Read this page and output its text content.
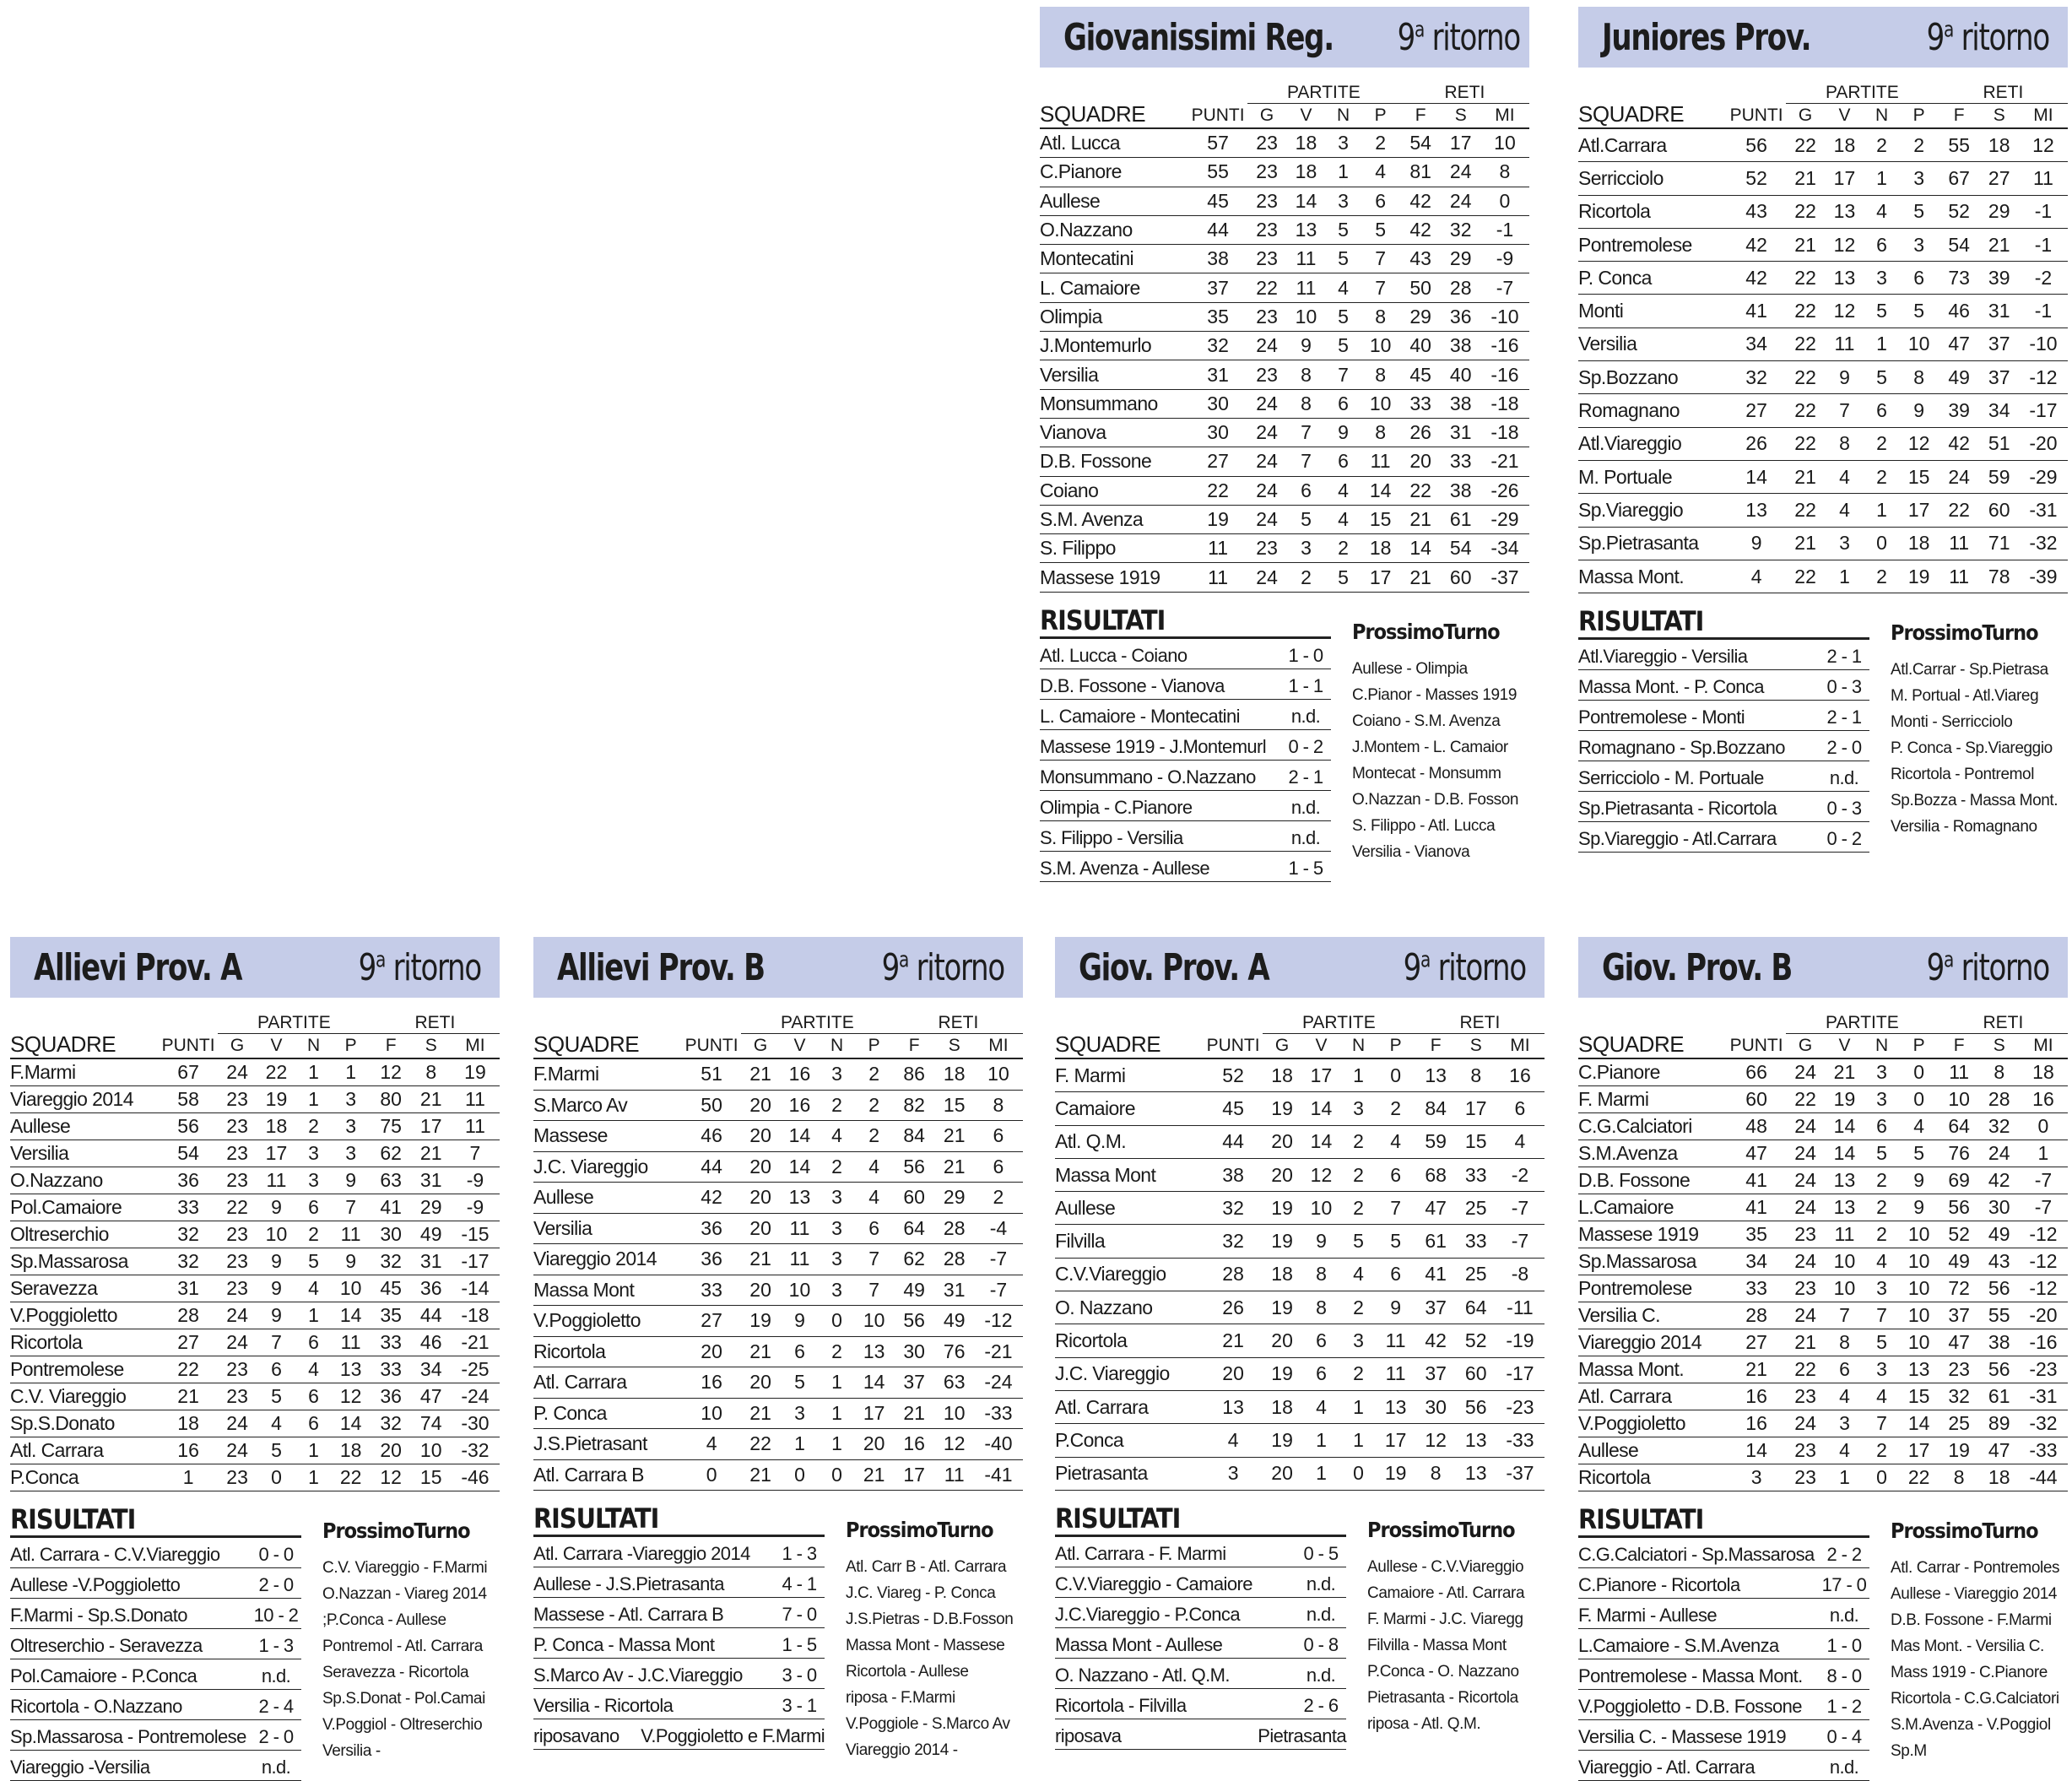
Giovanissimi Reg. 9$^a$ ritorno
SQUADRE		PARTITE				RETI		
	PUNTI	G	V	N	P	F	S	MI
Atl. Lucca	57	23	18	3	2	54	17	10
C.Pianore	55	23	18	1	4	81	24	8
Aullese	45	23	14	3	6	42	24	0
O.Nazzano	44	23	13	5	5	42	32	-1
Montecatini	38	23	11	5	7	43	29	-9
L. Camaiore	37	22	11	4	7	50	28	-7
Olimpia	35	23	10	5	8	29	36	-10
J.Montemurlo	32	24	9	5	10	40	38	-16
Versilia	31	23	8	7	8	45	40	-16
Monsummano	30	24	8	6	10	33	38	-18
Vianova	30	24	7	9	8	26	31	-18
D.B. Fossone	27	24	7	6	11	20	33	-21
Coiano	22	24	6	4	14	22	38	-26
S.M. Avenza	19	24	5	4	15	21	61	-29
S. Filippo	11	23	3	2	18	14	54	-34
Massese 1919	11	24	2	5	17	21	60	-37
RISULTATI
Atl. Lucca - Coiano	1 - 0
D.B. Fossone - Vianova	1 - 1
L. Camaiore - Montecatini	n.d.
Massese 1919 - J.Montemurl	0 - 2
Monsummano - O.Nazzano	2 - 1
Olimpia - C.Pianore	n.d.
S. Filippo - Versilia	n.d.
S.M. Avenza - Aullese	1 - 5
ProssimoTurno
Aullese - Olimpia
C.Pianor - Masses 1919
Coiano - S.M. Avenza
J.Montem - L. Camaior
Montecat - Monsumm
O.Nazzan - D.B. Fosson
S. Filippo - Atl. Lucca
Versilia - Vianova
Juniores Prov.	9$^a$ ritorno
SQUADRE		PARTITE				RETI		
	PUNTI	G	V	N	P	F	S	MI
Atl.Carrara	56	22	18	2	2	55	18	12
Serricciolo	52	21	17	1	3	67	27	11
Ricortola	43	22	13	4	5	52	29	-1
Pontremolese	42	21	12	6	3	54	21	-1
P. Conca	42	22	13	3	6	73	39	-2
Monti	41	22	12	5	5	46	31	-1
Versilia	34	22	11	1	10	47	37	-10
Sp.Bozzano	32	22	9	5	8	49	37	-12
Romagnano	27	22	7	6	9	39	34	-17
Atl.Viareggio	26	22	8	2	12	42	51	-20
M. Portuale	14	21	4	2	15	24	59	-29
Sp.Viareggio	13	22	4	1	17	22	60	-31
Sp.Pietrasanta	9	21	3	0	18	11	71	-32
Massa Mont.	4	22	1	2	19	11	78	-39
RISULTATI
Atl.Viareggio - Versilia	2 - 1
Massa Mont. - P. Conca	0 - 3
Pontremolese - Monti	2 - 1
Romagnano - Sp.Bozzano	2 - 0
Serricciolo - M. Portuale	n.d.
Sp.Pietrasanta - Ricortola	0 - 3
Sp.Viareggio - Atl.Carrara	0 - 2
ProssimoTurno
Atl.Carrar - Sp.Pietrasa
M. Portual - Atl.Viareg
Monti - Serricciolo
P. Conca - Sp.Viareggio
Ricortola - Pontremol
Sp.Bozza - Massa Mont.
Versilia - Romagnano
Allievi Prov. A	9$^a$ ritorno
SQUADRE		PARTITE				RETI		
	PUNTI	G	V	N	P	F	S	MI
F.Marmi	67	24	22	1	1	12	8	19
Viareggio 2014	58	23	19	1	3	80	21	11
Aullese	56	23	18	2	3	75	17	11
Versilia	54	23	17	3	3	62	21	7
O.Nazzano	36	23	11	3	9	63	31	-9
Pol.Camaiore	33	22	9	6	7	41	29	-9
Oltreserchio	32	23	10	2	11	30	49	-15
Sp.Massarosa	32	23	9	5	9	32	31	-17
Seravezza	31	23	9	4	10	45	36	-14
V.Poggioletto	28	24	9	1	14	35	44	-18
Ricortola	27	24	7	6	11	33	46	-21
Pontremolese	22	23	6	4	13	33	34	-25
C.V. Viareggio	21	23	5	6	12	36	47	-24
Sp.S.Donato	18	24	4	6	14	32	74	-30
Atl. Carrara	16	24	5	1	18	20	10	-32
P.Conca	1	23	0	1	22	12	15	-46
RISULTATI
Atl. Carrara - C.V.Viareggio	0 - 0
Aullese -V.Poggioletto	2 - 0
F.Marmi - Sp.S.Donato	10 - 2
Oltreserchio - Seravezza	1 - 3
Pol.Camaiore - P.Conca	n.d.
Ricortola - O.Nazzano	2 - 4
Sp.Massarosa - Pontremolese 2 - 0
Viareggio -Versilia	n.d.
ProssimoTurno
C.V. Viareggio - F.Marmi
O.Nazzan - Viareg 2014
;P.Conca - Aullese
Pontremol - Atl. Carrara
Seravezza - Ricortola
Sp.S.Donat - Pol.Camai
V.Poggiol - Oltreserchio
Versilia -
Allievi Prov. B	9$^a$ ritorno
SQUADRE		PARTITE				RETI		
	PUNTI	G	V	N	P	F	S	MI
F.Marmi	51	21	16	3	2	86	18	10
S.Marco Av	50	20	16	2	2	82	15	8
Massese	46	20	14	4	2	84	21	6
J.C. Viareggio	44	20	14	2	4	56	21	6
Aullese	42	20	13	3	4	60	29	2
Versilia	36	20	11	3	6	64	28	-4
Viareggio 2014	36	21	11	3	7	62	28	-7
Massa Mont	33	20	10	3	7	49	31	-7
V.Poggioletto	27	19	9	0	10	56	49	-12
Ricortola	20	21	6	2	13	30	76	-21
Atl. Carrara	16	20	5	1	14	37	63	-24
P. Conca	10	21	3	1	17	21	10	-33
J.S.Pietrasant	4	22	1	1	20	16	12	-40
Atl. Carrara B	0	21	0	0	21	17	11	-41
RISULTATI
Atl. Carrara -Viareggio 2014	1 - 3
Aullese - J.S.Pietrasanta	4 - 1
Massese - Atl. Carrara B	7 - 0
P. Conca - Massa Mont	1 - 5
S.Marco Av - J.C.Viareggio	3 - 0
Versilia - Ricortola	3 - 1
riposavano V.Poggioletto e F.Marmi
ProssimoTurno
Atl. Carr B - Atl. Carrara
J.C. Viareg - P. Conca
J.S.Pietras - D.B.Fosson
Massa Mont - Massese
Ricortola - Aullese
riposa - F.Marmi
V.Poggiole - S.Marco Av
Viareggio 2014 -
Giov. Prov. A	9$^a$ ritorno
SQUADRE		PARTITE				RETI		
	PUNTI	G	V	N	P	F	S	MI
F. Marmi	52	18	17	1	0	13	8	16
Camaiore	45	19	14	3	2	84	17	6
Atl. Q.M.	44	20	14	2	4	59	15	4
Massa Mont	38	20	12	2	6	68	33	-2
Aullese	32	19	10	2	7	47	25	-7
Filvilla	32	19	9	5	5	61	33	-7
C.V.Viareggio	28	18	8	4	6	41	25	-8
O. Nazzano	26	19	8	2	9	37	64	-11
Ricortola	21	20	6	3	11	42	52	-19
J.C. Viareggio	20	19	6	2	11	37	60	-17
Atl. Carrara	13	18	4	1	13	30	56	-23
P.Conca	4	19	1	1	17	12	13	-33
Pietrasanta	3	20	1	0	19	8	13	-37
RISULTATI
Atl. Carrara - F. Marmi	0 - 5
C.V.Viareggio - Camaiore	n.d.
J.C.Viareggio - P.Conca	n.d.
Massa Mont - Aullese	0 - 8
O. Nazzano - Atl. Q.M.	n.d.
Ricortola - Filvilla	2 - 6
riposava	Pietrasanta
ProssimoTurno
Aullese - C.V.Viareggio
Camaiore - Atl. Carrara
F. Marmi - J.C. Viaregg
Filvilla - Massa Mont
P.Conca - O. Nazzano
Pietrasanta - Ricortola
riposa - Atl. Q.M.
Giov. Prov. B	9$^a$ ritorno
SQUADRE		PARTITE				RETI		
	PUNTI	G	V	N	P	F	S	MI
C.Pianore	66	24	21	3	0	11	8	18
F. Marmi	60	22	19	3	0	10	28	16
C.G.Calciatori	48	24	14	6	4	64	32	0
S.M.Avenza	47	24	14	5	5	76	24	1
D.B. Fossone	41	24	13	2	9	69	42	-7
L.Camaiore	41	24	13	2	9	56	30	-7
Massese 1919	35	23	11	2	10	52	49	-12
Sp.Massarosa	34	24	10	4	10	49	43	-12
Pontremolese	33	23	10	3	10	72	56	-12
Versilia C.	28	24	7	7	10	37	55	-20
Viareggio 2014	27	21	8	5	10	47	38	-16
Massa Mont.	21	22	6	3	13	23	56	-23
Atl. Carrara	16	23	4	4	15	32	61	-31
V.Poggioletto	16	24	3	7	14	25	89	-32
Aullese	14	23	4	2	17	19	47	-33
Ricortola	3	23	1	0	22	8	18	-44
RISULTATI
C.G.Calciatori - Sp.Massarosa 2 - 2
C.Pianore - Ricortola	17 - 0
F. Marmi - Aullese	n.d.
L.Camaiore - S.M.Avenza	1 - 0
Pontremolese - Massa Mont.	8 - 0
V.Poggioletto - D.B. Fossone	1 - 2
Versilia C. - Massese 1919	0 - 4
Viareggio - Atl. Carrara	n.d.
ProssimoTurno
Atl. Carrar - Pontremoles
Aullese - Viareggio 2014
D.B. Fossone - F.Marmi
Mas Mont. - Versilia C.
Mass 1919 - C.Pianore
Ricortola - C.G.Calciatori
S.M.Avenza - V.Poggiol
Sp.M
